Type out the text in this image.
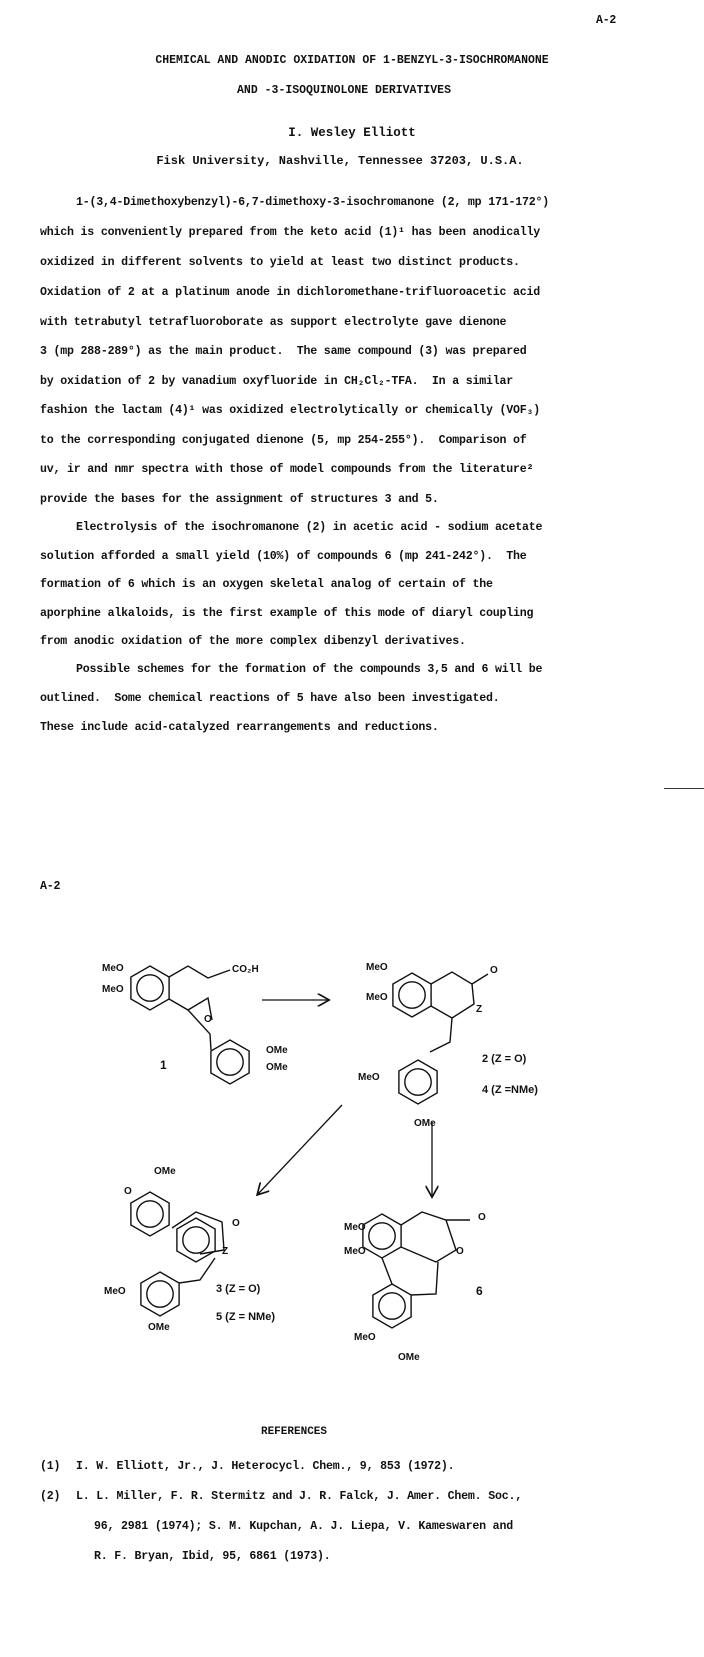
A-2
CHEMICAL AND ANODIC OXIDATION OF 1-BENZYL-3-ISOCHROMANONE
AND -3-ISOQUINOLONE DERIVATIVES
I. Wesley Elliott
Fisk University, Nashville, Tennessee 37203, U.S.A.
1-(3,4-Dimethoxybenzyl)-6,7-dimethoxy-3-isochromanone (2, mp 171-172°)
which is conveniently prepared from the keto acid (1)¹ has been anodically
oxidized in different solvents to yield at least two distinct products.
Oxidation of 2 at a platinum anode in dichloromethane-trifluoroacetic acid
with tetrabutyl tetrafluoroborate as support electrolyte gave dienone
3 (mp 288-289°) as the main product.  The same compound (3) was prepared
by oxidation of 2 by vanadium oxyfluoride in CH₂Cl₂-TFA.  In a similar
fashion the lactam (4)¹ was oxidized electrolytically or chemically (VOF₃)
to the corresponding conjugated dienone (5, mp 254-255°).  Comparison of
uv, ir and nmr spectra with those of model compounds from the literature²
provide the bases for the assignment of structures 3 and 5.
Electrolysis of the isochromanone (2) in acetic acid - sodium acetate
solution afforded a small yield (10%) of compounds 6 (mp 241-242°).  The
formation of 6 which is an oxygen skeletal analog of certain of the
aporphine alkaloids, is the first example of this mode of diaryl coupling
from anodic oxidation of the more complex dibenzyl derivatives.
Possible schemes for the formation of the compounds 3,5 and 6 will be
outlined.  Some chemical reactions of 5 have also been investigated.
These include acid-catalyzed rearrangements and reductions.
A-2
MeO
MeO
CO₂H
O
OMe
OMe
1
MeO
MeO
O
Z
MeO
OMe
2 (Z = O)
4 (Z =NMe)
OMe
O
O
Z
MeO
OMe
3 (Z = O)
5 (Z = NMe)
MeO
MeO
O
O
MeO
OMe
6
REFERENCES
(1) I. W. Elliott, Jr., J. Heterocycl. Chem., 9, 853 (1972).
(2) L. L. Miller, F. R. Stermitz and J. R. Falck, J. Amer. Chem. Soc.,
96, 2981 (1974); S. M. Kupchan, A. J. Liepa, V. Kameswaren and
R. F. Bryan, Ibid, 95, 6861 (1973).
